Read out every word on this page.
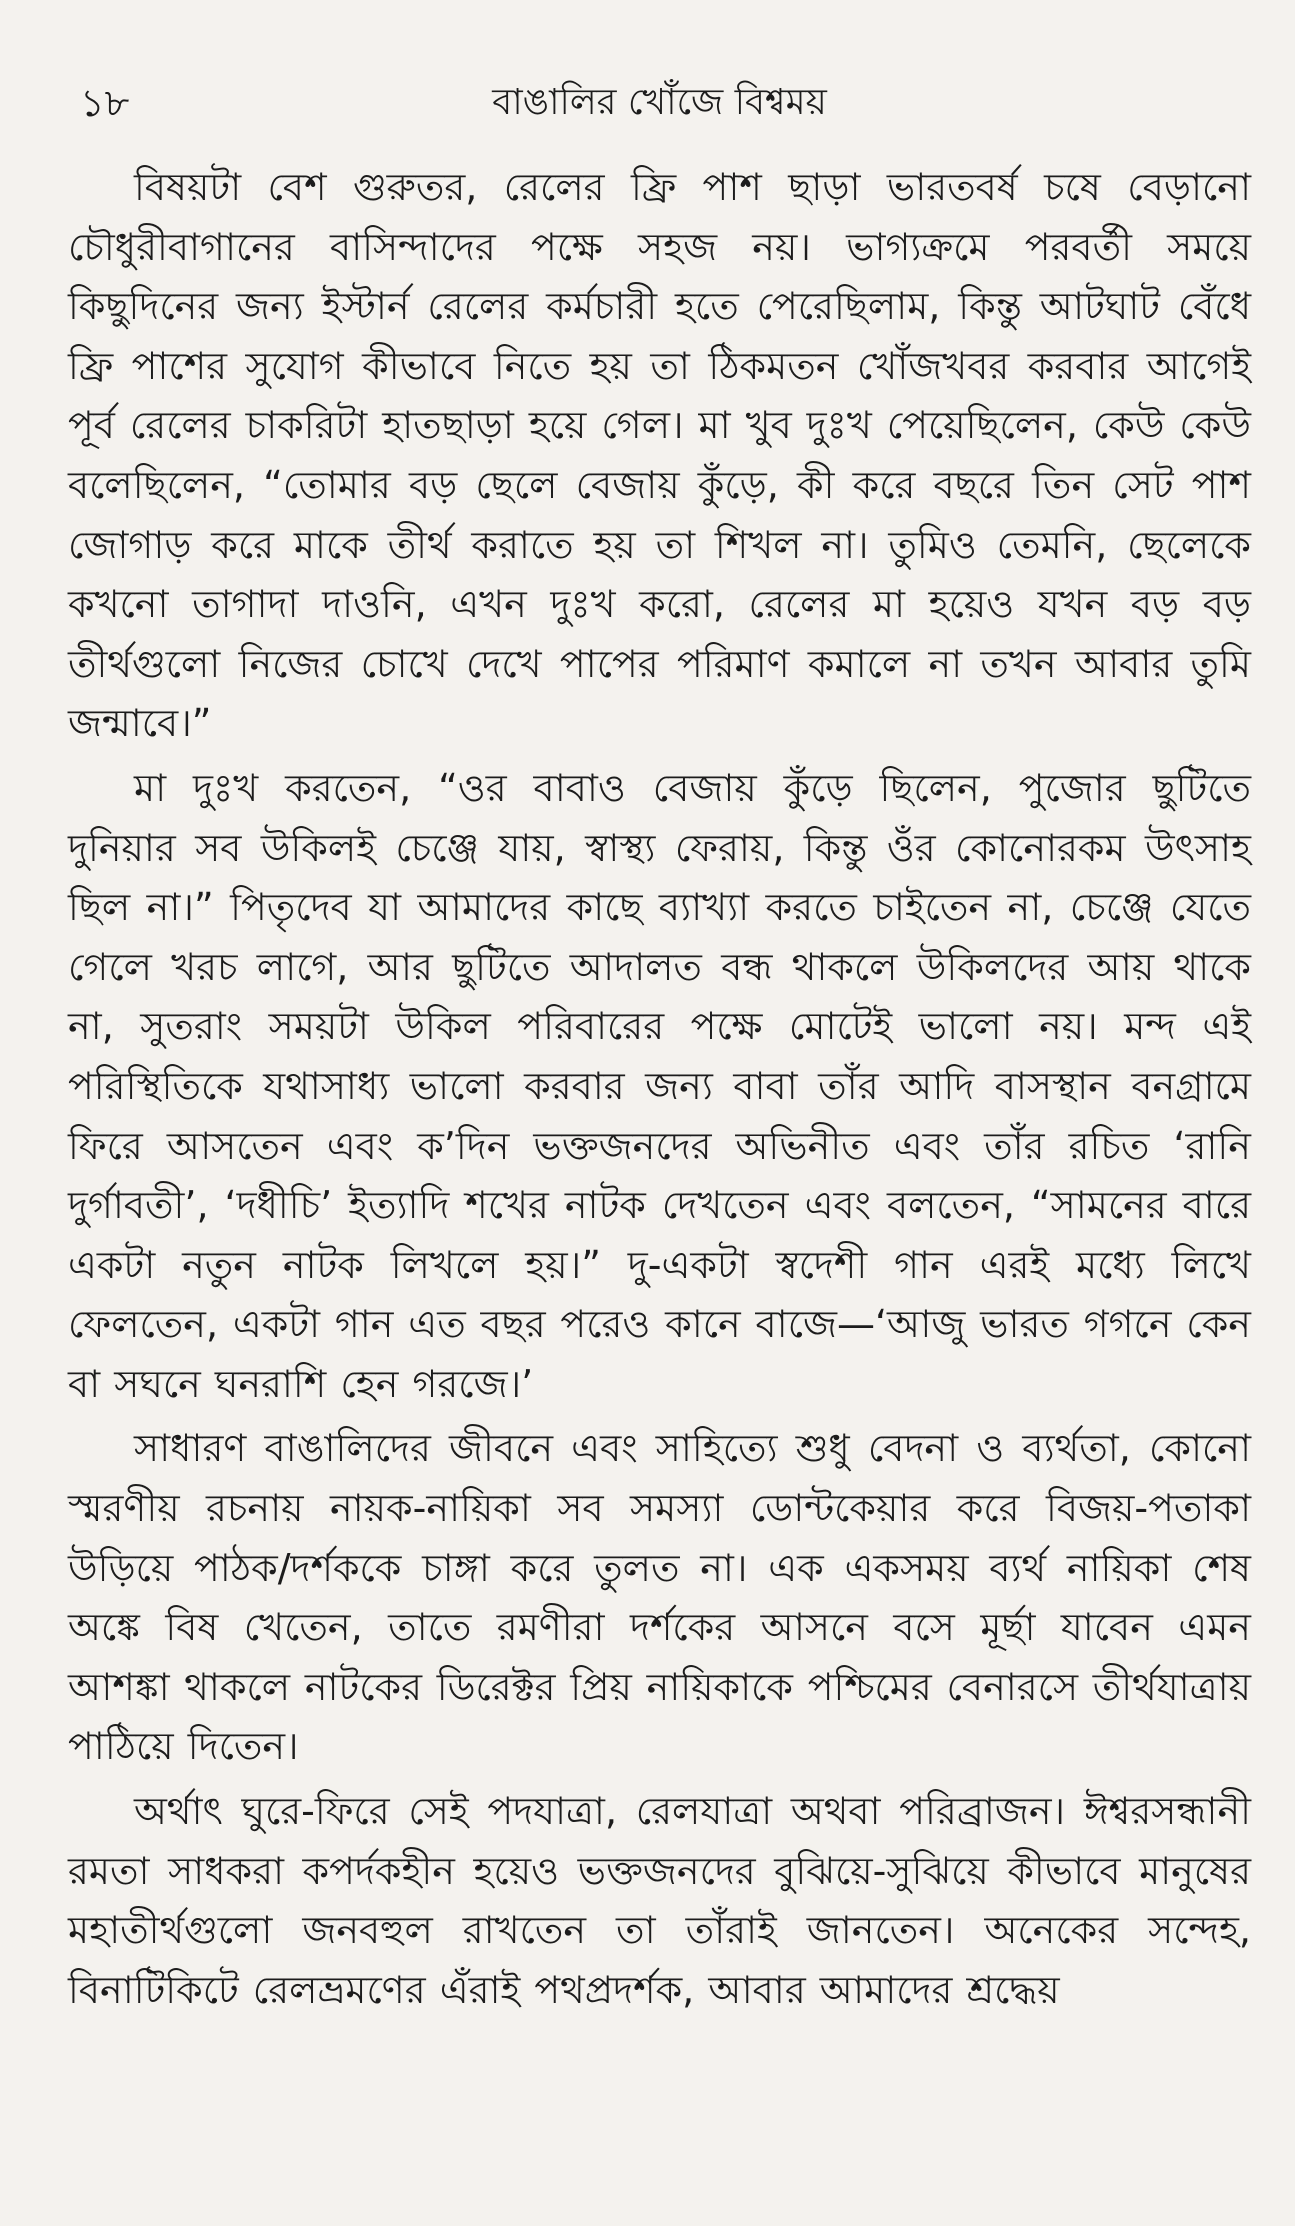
১৮	বাঙালির খোঁজে বিশ্বময়

বিষয়টা বেশ গুরুতর, রেলের ফ্রি পাশ ছাড়া ভারতবর্ষ চষে বেড়ানো চৌধুরীবাগানের বাসিন্দাদের পক্ষে সহজ নয়। ভাগ্যক্রমে পরবর্তী সময়ে কিছুদিনের জন্য ইস্টার্ন রেলের কর্মচারী হতে পেরেছিলাম, কিন্তু আটঘাট বেঁধে ফ্রি পাশের সুযোগ কীভাবে নিতে হয় তা ঠিকমতন খোঁজখবর করবার আগেই পূর্ব রেলের চাকরিটা হাতছাড়া হয়ে গেল। মা খুব দুঃখ পেয়েছিলেন, কেউ কেউ বলেছিলেন, “তোমার বড় ছেলে বেজায় কুঁড়ে, কী করে বছরে তিন সেট পাশ জোগাড় করে মাকে তীর্থ করাতে হয় তা শিখল না। তুমিও তেমনি, ছেলেকে কখনো তাগাদা দাওনি, এখন দুঃখ করো, রেলের মা হয়েও যখন বড় বড় তীর্থগুলো নিজের চোখে দেখে পাপের পরিমাণ কমালে না তখন আবার তুমি জন্মাবে।”

মা দুঃখ করতেন, “ওর বাবাও বেজায় কুঁড়ে ছিলেন, পুজোর ছুটিতে দুনিয়ার সব উকিলই চেঞ্জে যায়, স্বাস্থ্য ফেরায়, কিন্তু ওঁর কোনোরকম উৎসাহ ছিল না।” পিতৃদেব যা আমাদের কাছে ব্যাখ্যা করতে চাইতেন না, চেঞ্জে যেতে গেলে খরচ লাগে, আর ছুটিতে আদালত বন্ধ থাকলে উকিলদের আয় থাকে না, সুতরাং সময়টা উকিল পরিবারের পক্ষে মোটেই ভালো নয়। মন্দ এই পরিস্থিতিকে যথাসাধ্য ভালো করবার জন্য বাবা তাঁর আদি বাসস্থান বনগ্রামে ফিরে আসতেন এবং ক’দিন ভক্তজনদের অভিনীত এবং তাঁর রচিত ‘রানি দুর্গাবতী’, ‘দধীচি’ ইত্যাদি শখের নাটক দেখতেন এবং বলতেন, “সামনের বারে একটা নতুন নাটক লিখলে হয়।” দু-একটা স্বদেশী গান এরই মধ্যে লিখে ফেলতেন, একটা গান এত বছর পরেও কানে বাজে—‘আজু ভারত গগনে কেন বা সঘনে ঘনরাশি হেন গরজে।’

সাধারণ বাঙালিদের জীবনে এবং সাহিত্যে শুধু বেদনা ও ব্যর্থতা, কোনো স্মরণীয় রচনায় নায়ক-নায়িকা সব সমস্যা ডোন্টকেয়ার করে বিজয়-পতাকা উড়িয়ে পাঠক/দর্শককে চাঙ্গা করে তুলত না। এক একসময় ব্যর্থ নায়িকা শেষ অঙ্কে বিষ খেতেন, তাতে রমণীরা দর্শকের আসনে বসে মূর্ছা যাবেন এমন আশঙ্কা থাকলে নাটকের ডিরেক্টর প্রিয় নায়িকাকে পশ্চিমের বেনারসে তীর্থযাত্রায় পাঠিয়ে দিতেন।

অর্থাৎ ঘুরে-ফিরে সেই পদযাত্রা, রেলযাত্রা অথবা পরিব্রাজন। ঈশ্বরসন্ধানী রমতা সাধকরা কপর্দকহীন হয়েও ভক্তজনদের বুঝিয়ে-সুঝিয়ে কীভাবে মানুষের মহাতীর্থগুলো জনবহুল রাখতেন তা তাঁরাই জানতেন। অনেকের সন্দেহ, বিনাটিকিটে রেলভ্রমণের এঁরাই পথপ্রদর্শক, আবার আমাদের শ্রদ্ধেয়
